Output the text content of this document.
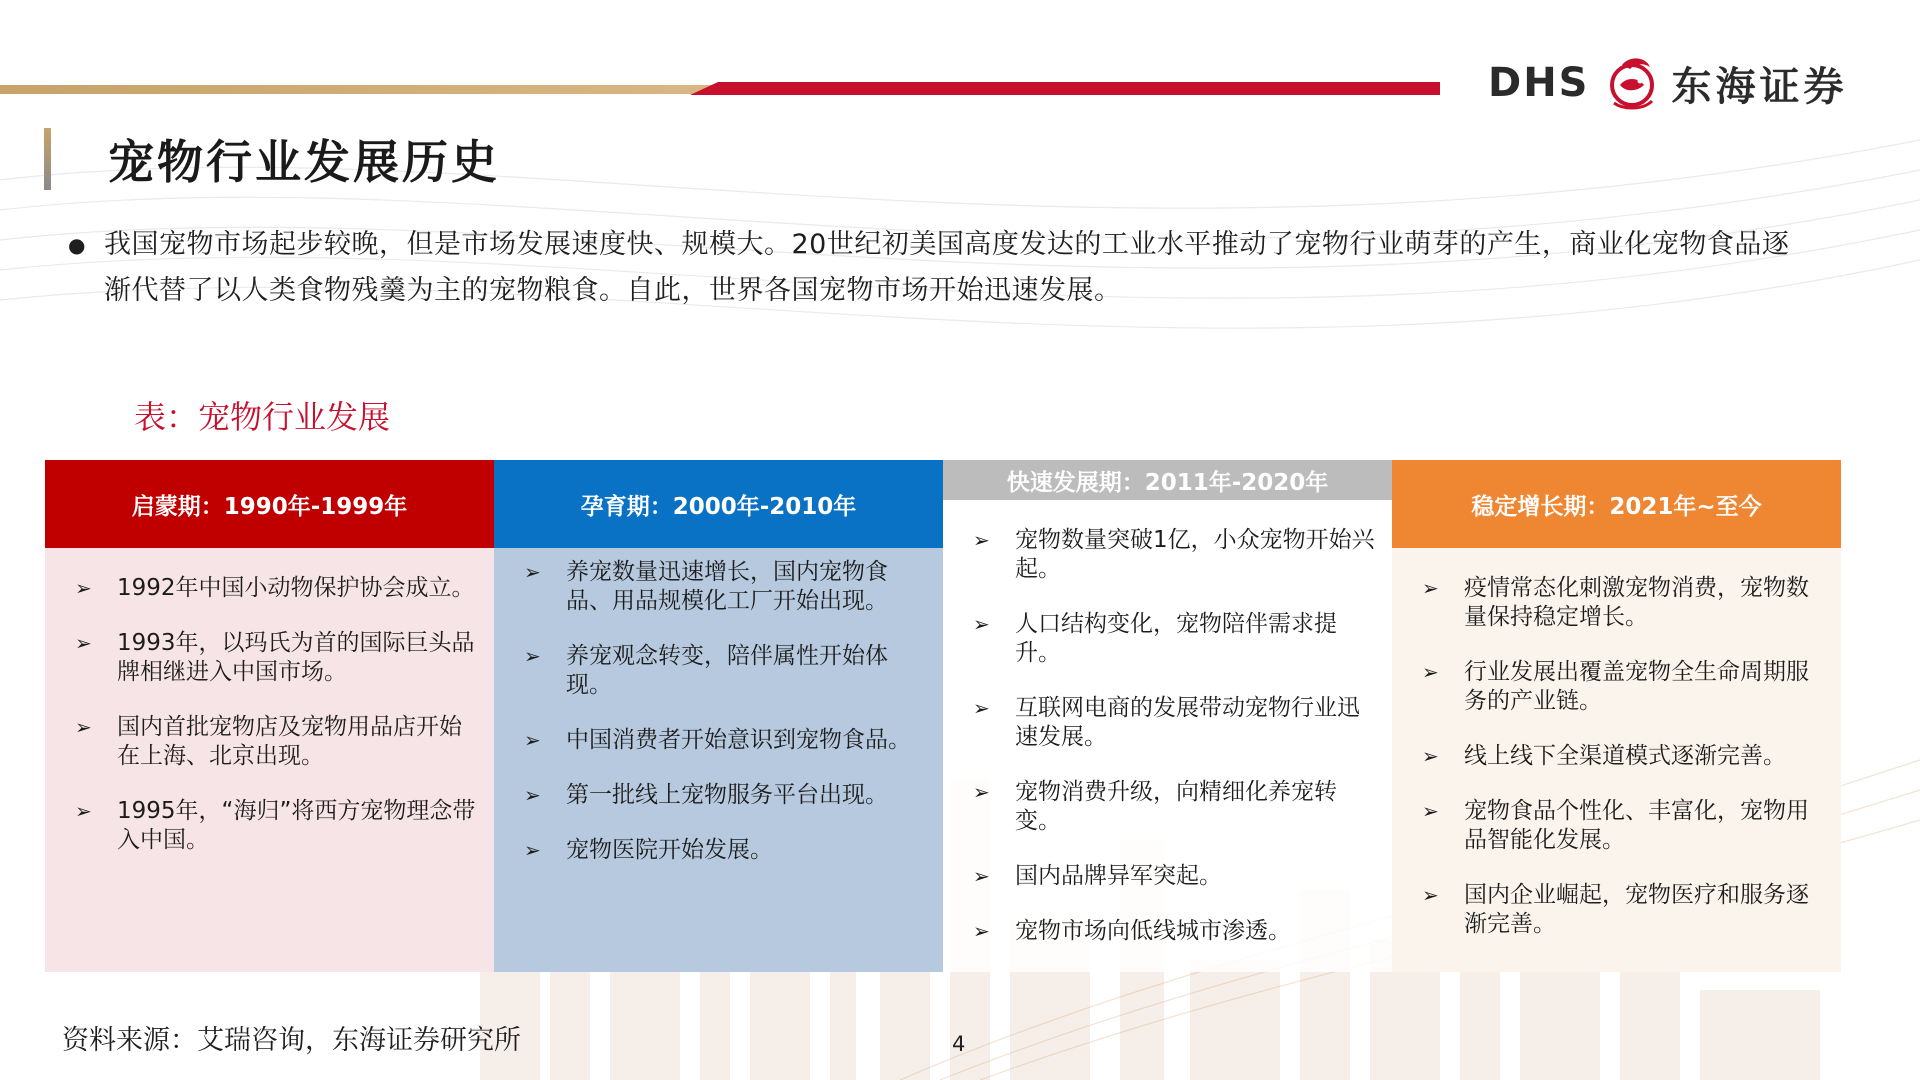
DHS 东海证券
宠物行业发展历史
● 我国宠物市场起步较晚，但是市场发展速度快、规模大。20世纪初美国高度发达的工业水平推动了宠物行业萌芽的产生，商业化宠物食品逐渐代替了以人类食物残羹为主的宠物粮食。自此，世界各国宠物市场开始迅速发展。
表：宠物行业发展
启蒙期：1990年-1999年
➢	1992年中国小动物保护协会成立。
➢	1993年，以玛氏为首的国际巨头品牌相继进入中国市场。
➢	国内首批宠物店及宠物用品店开始在上海、北京出现。
➢	1995年，“海归”将西方宠物理念带入中国。
孕育期：2000年-2010年
➢	养宠数量迅速增长，国内宠物食品、用品规模化工厂开始出现。
➢	养宠观念转变，陪伴属性开始体现。
➢	中国消费者开始意识到宠物食品。
➢	第一批线上宠物服务平台出现。
➢	宠物医院开始发展。
快速发展期：2011年-2020年
➢	宠物数量突破1亿，小众宠物开始兴起。
➢	人口结构变化，宠物陪伴需求提升。
➢	互联网电商的发展带动宠物行业迅速发展。
➢	宠物消费升级，向精细化养宠转变。
➢	国内品牌异军突起。
➢	宠物市场向低线城市渗透。
稳定增长期：2021年~至今
➢	疫情常态化刺激宠物消费，宠物数量保持稳定增长。
➢	行业发展出覆盖宠物全生命周期服务的产业链。
➢	线上线下全渠道模式逐渐完善。
➢	宠物食品个性化、丰富化，宠物用品智能化发展。
➢	国内企业崛起，宠物医疗和服务逐渐完善。
资料来源：艾瑞咨询，东海证券研究所	4
